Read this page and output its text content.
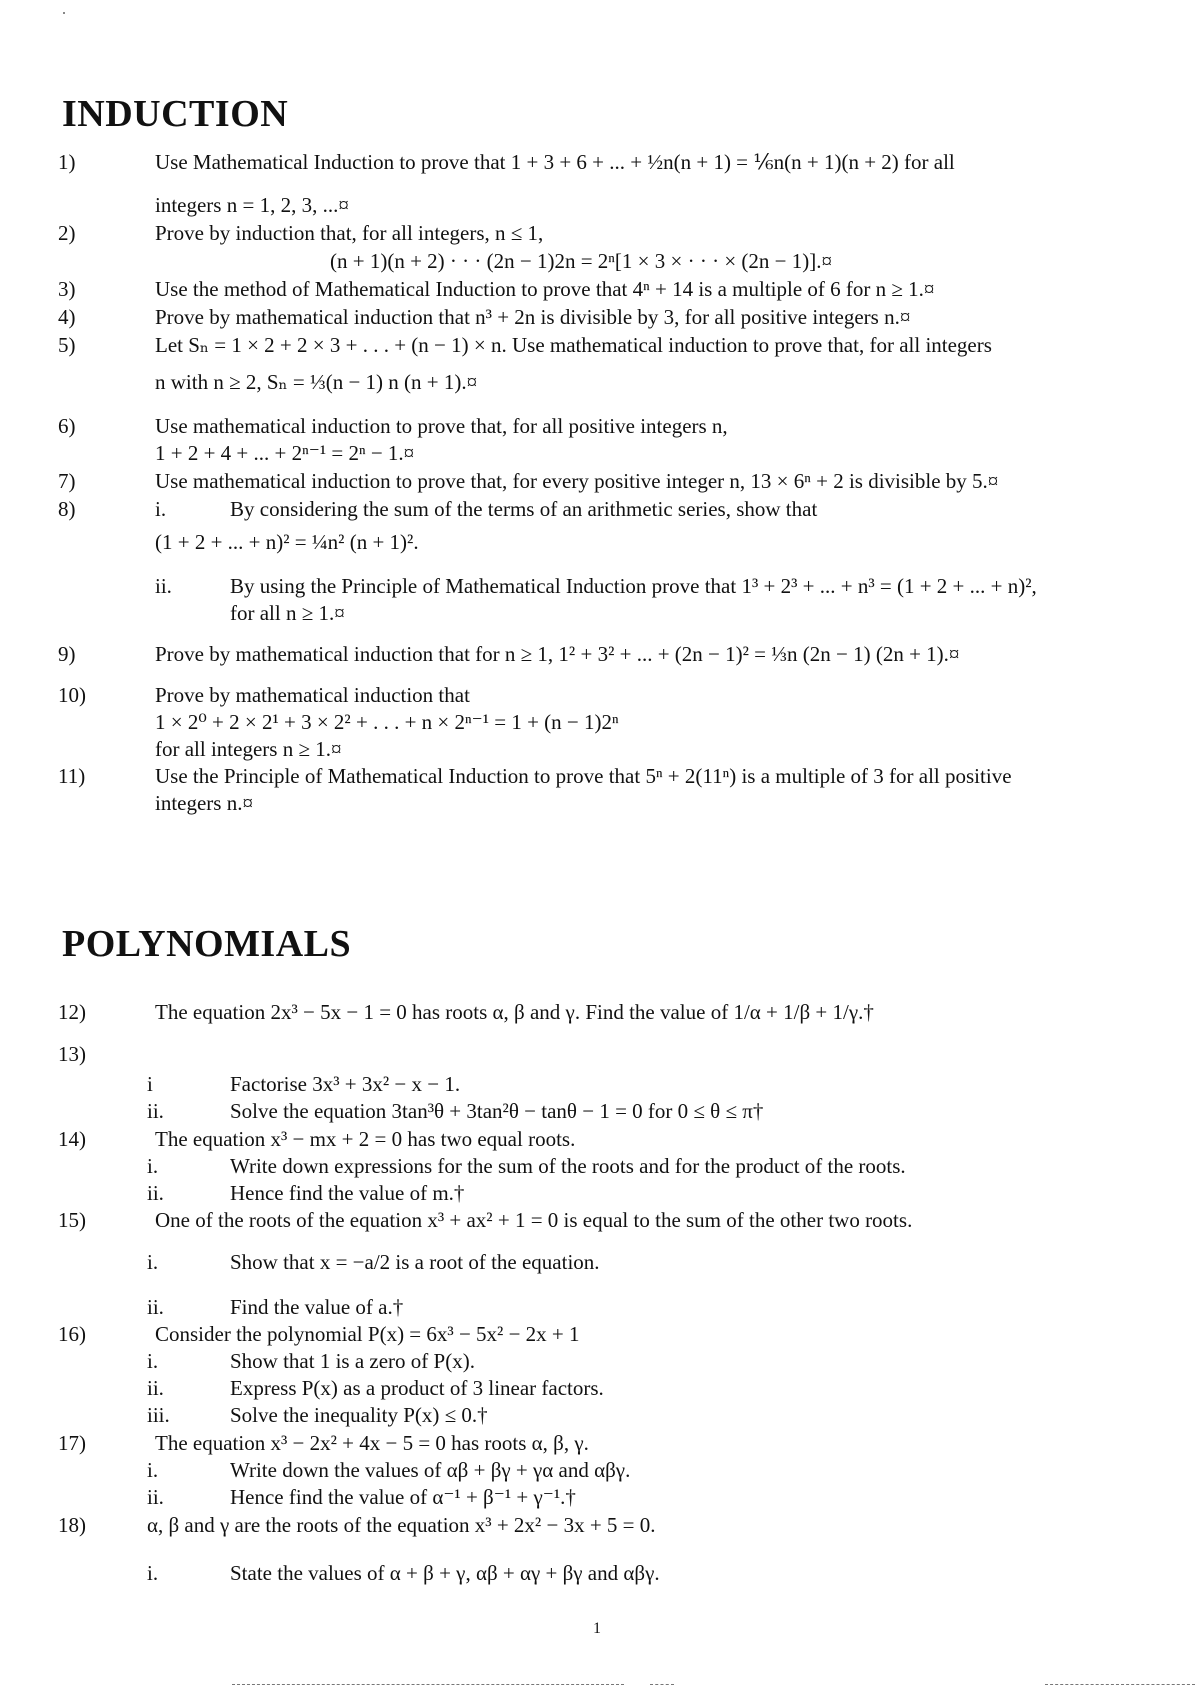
INDUCTION
1)	Use Mathematical Induction to prove that 1 + 3 + 6 + ... + ½n(n + 1) = ⅙n(n + 1)(n + 2) for all
integers n = 1, 2, 3, ...¤
2)	Prove by induction that, for all integers, n ≤ 1,
(n + 1)(n + 2) · · · (2n − 1)2n = 2ⁿ[1 × 3 × · · · × (2n − 1)].¤
3)	Use the method of Mathematical Induction to prove that 4ⁿ + 14 is a multiple of 6 for n ≥ 1.¤
4)	Prove by mathematical induction that n³ + 2n is divisible by 3, for all positive integers n.¤
5)	Let Sₙ = 1 × 2 + 2 × 3 + . . . + (n − 1) × n. Use mathematical induction to prove that, for all integers
n with n ≥ 2, Sₙ = ⅓(n − 1) n (n + 1).¤
6)	Use mathematical induction to prove that, for all positive integers n,
1 + 2 + 4 + ... + 2ⁿ⁻¹ = 2ⁿ − 1.¤
7)	Use mathematical induction to prove that, for every positive integer n, 13 × 6ⁿ + 2 is divisible by 5.¤
8)	i.	By considering the sum of the terms of an arithmetic series, show that
(1 + 2 + ... + n)² = ¼n² (n + 1)².
ii.	By using the Principle of Mathematical Induction prove that 1³ + 2³ + ... + n³ = (1 + 2 + ... + n)²,
for all n ≥ 1.¤
9)	Prove by mathematical induction that for n ≥ 1, 1² + 3² + ... + (2n − 1)² = ⅓n (2n − 1) (2n + 1).¤
10)	Prove by mathematical induction that
1 × 2⁰ + 2 × 2¹ + 3 × 2² + . . . + n × 2ⁿ⁻¹ = 1 + (n − 1)2ⁿ
for all integers n ≥ 1.¤
11)	Use the Principle of Mathematical Induction to prove that 5ⁿ + 2(11ⁿ) is a multiple of 3 for all positive
integers n.¤
POLYNOMIALS
12)	The equation 2x³ − 5x − 1 = 0 has roots α, β and γ. Find the value of 1/α + 1/β + 1/γ.†
13)
i	Factorise 3x³ + 3x² − x − 1.
ii.	Solve the equation 3tan³θ + 3tan²θ − tanθ − 1 = 0 for 0 ≤ θ ≤ π†
14)	The equation x³ − mx + 2 = 0 has two equal roots.
i.	Write down expressions for the sum of the roots and for the product of the roots.
ii.	Hence find the value of m.†
15)	One of the roots of the equation x³ + ax² + 1 = 0 is equal to the sum of the other two roots.
i.	Show that x = −a/2 is a root of the equation.
ii.	Find the value of a.†
16)	Consider the polynomial P(x) = 6x³ − 5x² − 2x + 1
i.	Show that 1 is a zero of P(x).
ii.	Express P(x) as a product of 3 linear factors.
iii.	Solve the inequality P(x) ≤ 0.†
17)	The equation x³ − 2x² + 4x − 5 = 0 has roots α, β, γ.
i.	Write down the values of αβ + βγ + γα and αβγ.
ii.	Hence find the value of α⁻¹ + β⁻¹ + γ⁻¹.†
18)	α, β and γ are the roots of the equation x³ + 2x² − 3x + 5 = 0.
i.	State the values of α + β + γ, αβ + αγ + βγ and αβγ.
1
